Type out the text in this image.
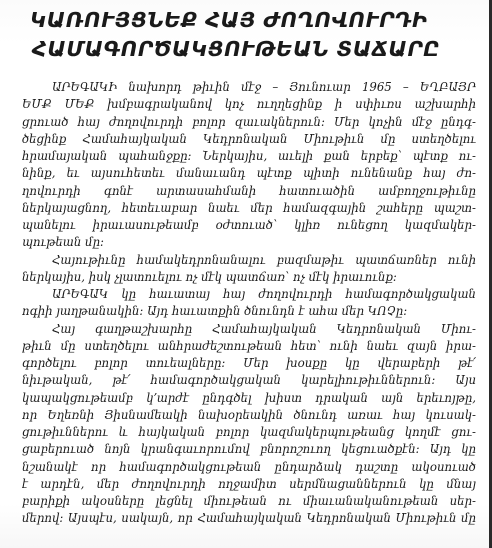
ԿԱՌՈՒՅՑՆԵՔ ՀԱՅ ԺՈՂՈՎՈՒՐԴԻ
ՀԱՄԱԳՈՐԾԱԿՑՈՒԹԵԱՆ ՏԱՃԱՐԸ
ԱՐԵԳԱԿԻ նախորդ թիւին մէջ – Յունուար 1965 – ԵՂԲԱՅՐ
ԵՄՔ ՄԵՔ խմբագրականով կոչ ուղղեցինք ի սփիւռս աշխարհի
ցրուած հայ ժողովուրդի բոլոր զաւակներուն: Մեր կոչին մէջ ընդգ-
ծեցինք Համահայկական Կեդրոնական Միութիւն մը ստեղծելու
հրամայական պահանջքը: Ներկայիս, աւելի քան երբեք՝ պէտք ու-
նինք, եւ այսուհետեւ մանաւանդ պէտք պիտի ունենանք հայ ժո-
ղովուրդի գոնէ արտասահմանի հատուածին ամբողջութիւնը
ներկայացնող, հետեւաբար նաեւ մեր համազգային շահերը պաշտ-
պանելու իրաւասութեամբ օժտուած՝ կլիռ ունեցող կազմակեր-
պութեան մը:
Հայութիւնը համակեդրոնանալու բազմաթիւ պատճառներ ունի
ներկայիս, իսկ չլատուելու ոչ մէկ պատճառ՝ ոչ մէկ իրաւունք:
ԱՐԵԳԱԿ կը հաւատայ հայ ժողովուրդի համագործակցական
ոգիի յաղթանակին: Այդ հաւատքին ծնունդն է ահա մեր ԿՈՉը:
Հայ գաղթաշխարհը Համահայկական Կեդրոնական Միու-
թիւն մը ստեղծելու անհրաժեշտութեան հետ՝ ունի նաեւ զայն իրա-
գործելու բոլոր տուեալները: Մեր խօսքը կը վերաբերի թէ՛
նիւթական, թէ՛ համագործակցական կարելիութիւններուն: Այս
կապակցութեամբ կ՚արժէ ընդգծել խիստ դրական այն երեւոյթը,
որ Եղեռնի Յիսնամեակի նախօրեակին ծնունդ առաւ հայ կուսակ-
ցութիւններու և հայկական բոլոր կազմակերպութեանց կողմէ ցու-
ցաբերուած նոյն կրանգաւորումով բնորոշուող կեցուածքէն: Այդ կը
նշանակէ որ համագործակցութեան ընդարձակ դաշտը ակօսուած
է արդէն, մեր ժողովուրդի ողջամիտ սերմնացաններուն կը մնայ
բարիքի ակօսները լեցնել միութեան ու միաւանականութեան սեր-
մերով: Այսպէս, սակայն, որ Համահայկական Կեդրոնական Միութիւն մը
